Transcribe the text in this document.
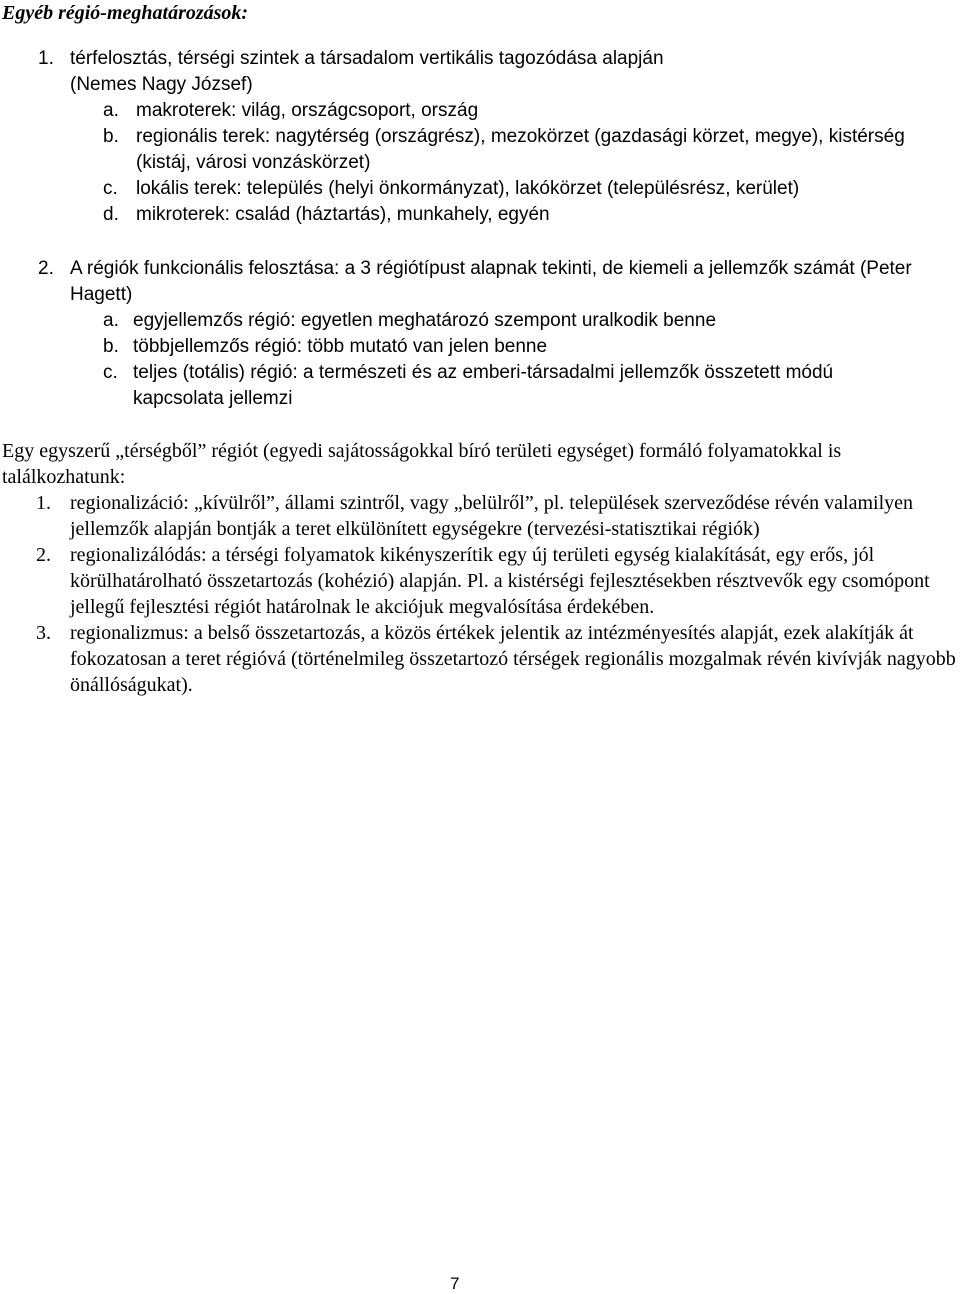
Egyéb régió-meghatározások:
1. térfelosztás, térségi szintek a társadalom vertikális tagozódása alapján (Nemes Nagy József)
a. makroterek: világ, országcsoport, ország
b. regionális terek: nagytérség (országrész), mezokörzet (gazdasági körzet, megye), kistérség (kistáj, városi vonzáskörzet)
c. lokális terek: település (helyi önkormányzat), lakókörzet (településrész, kerület)
d. mikroterek: család (háztartás), munkahely, egyén
2. A régiók funkcionális felosztása: a 3 régiótípust alapnak tekinti, de kiemeli a jellemzők számát (Peter Hagett)
a. egyjellemzős régió: egyetlen meghatározó szempont uralkodik benne
b. többjellemzős régió: több mutató van jelen benne
c. teljes (totális) régió: a természeti és az emberi-társadalmi jellemzők összetett módú kapcsolata jellemzi
Egy egyszerű „térségből” régiót (egyedi sajátosságokkal bíró területi egységet) formáló folyamatokkal is találkozhatunk:
1. regionalizáció: „kívülről”, állami szintről, vagy „belülről”, pl. települések szerveződése révén valamilyen jellemzők alapján bontják a teret elkülönített egységekre (tervezési-statisztikai régiók)
2. regionalizálódás: a térségi folyamatok kikényszerítik egy új területi egység kialakítását, egy erős, jól körülhatárolható összetartozás (kohézió) alapján. Pl. a kistérségi fejlesztésekben résztvevők egy csomópont jellegű fejlesztési régiót határolnak le akciójuk megvalósítása érdekében.
3. regionalizmus: a belső összetartozás, a közös értékek jelentik az intézményesítés alapját, ezek alakítják át fokozatosan a teret régióvá (történelmileg összetartozó térségek regionális mozgalmak révén kivívják nagyobb önállóságukat).
7
